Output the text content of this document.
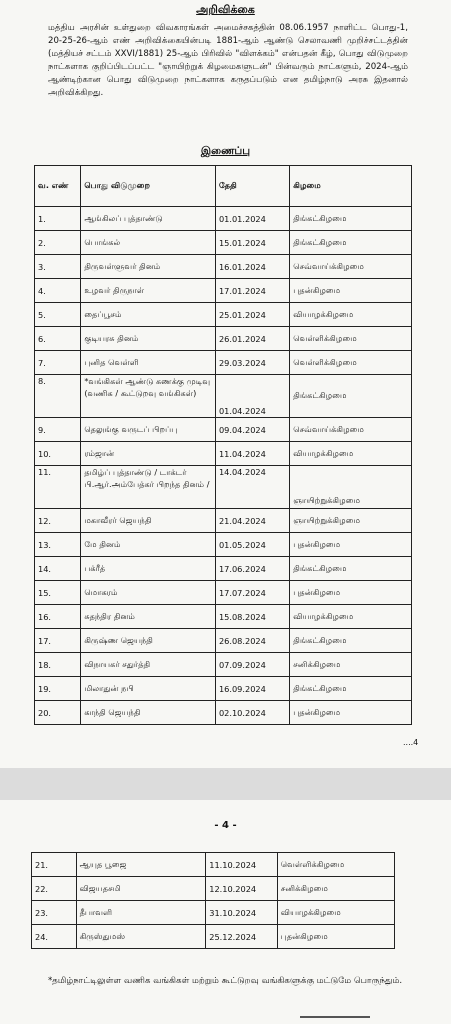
அறிவிக்கை
மத்திய அரசின் உள்துறை விவகாரங்கள் அமைச்சகத்தின் 08.06.1957 நாளிட்ட பொது-1, 20-25-26-ஆம் எண் அறிவிக்கையின்படி 1881-ஆம் ஆண்டு செலாவணி முறிச்சட்டத்தின் (மத்தியச் சட்டம் XXVI/1881) 25-ஆம் பிரிவில் "விளக்கம்" என்பதன் கீழ், பொது விடுமுறை நாட்களாக குறிப்பிடப்பட்ட "ஞாயிற்றுக் கிழமைகளுடன்" பின்வரும் நாட்களும், 2024-ஆம் ஆண்டிற்கான பொது விடுமுறை நாட்களாக கருதப்படும் என தமிழ்நாடு அரசு இதனால் அறிவிக்கிறது.
இணைப்பு
வ. எண்	பொது விடுமுறை	தேதி	கிழமை
1.	ஆங்கிலப் புத்தாண்டு	01.01.2024	திங்கட்கிழமை
2.	பொங்கல்	15.01.2024	திங்கட்கிழமை
3.	திருவள்ளுவர் தினம்	16.01.2024	செவ்வாய்க்கிழமை
4.	உழவர் திருநாள்	17.01.2024	புதன்கிழமை
5.	தைப்பூசம்	25.01.2024	வியாழக்கிழமை
6.	குடியரசு தினம்	26.01.2024	வெள்ளிக்கிழமை
7.	புனித வெள்ளி	29.03.2024	வெள்ளிக்கிழமை
8.	*வங்கிகள் ஆண்டு கணக்கு முடிவு (வணிக / கூட்டுறவு வங்கிகள்)	01.04.2024	திங்கட்கிழமை
9.	தெலுங்கு வருடப் பிறப்பு	09.04.2024	செவ்வாய்க்கிழமை
10.	ரம்ஜான்	11.04.2024	வியாழக்கிழமை
11.	தமிழ்ப் புத்தாண்டு / டாக்டர் பி.ஆர்.அம்பேத்கர் பிறந்த தினம் /	14.04.2024	ஞாயிற்றுக்கிழமை
12.	மகாவீரர் ஜெயந்தி	21.04.2024	ஞாயிற்றுக்கிழமை
13.	மே தினம்	01.05.2024	புதன்கிழமை
14.	பக்ரீத்	17.06.2024	திங்கட்கிழமை
15.	மொகரம்	17.07.2024	புதன்கிழமை
16.	சுதந்திர தினம்	15.08.2024	வியாழக்கிழமை
17.	கிருஷ்ண ஜெயந்தி	26.08.2024	திங்கட்கிழமை
18.	விநாயகர் சதுர்த்தி	07.09.2024	சனிக்கிழமை
19.	மிலாதுன் நபி	16.09.2024	திங்கட்கிழமை
20.	காந்தி ஜெயந்தி	02.10.2024	புதன்கிழமை
....4
- 4 -
21.	ஆயுத பூஜை	11.10.2024	வெள்ளிக்கிழமை
22.	விஜயதசமி	12.10.2024	சனிக்கிழமை
23.	தீபாவளி	31.10.2024	வியாழக்கிழமை
24.	கிருஸ்துமஸ்	25.12.2024	புதன்கிழமை
*தமிழ்நாட்டிலுள்ள வணிக வங்கிகள் மற்றும் கூட்டுறவு வங்கிகளுக்கு மட்டுமே பொருந்தும்.
